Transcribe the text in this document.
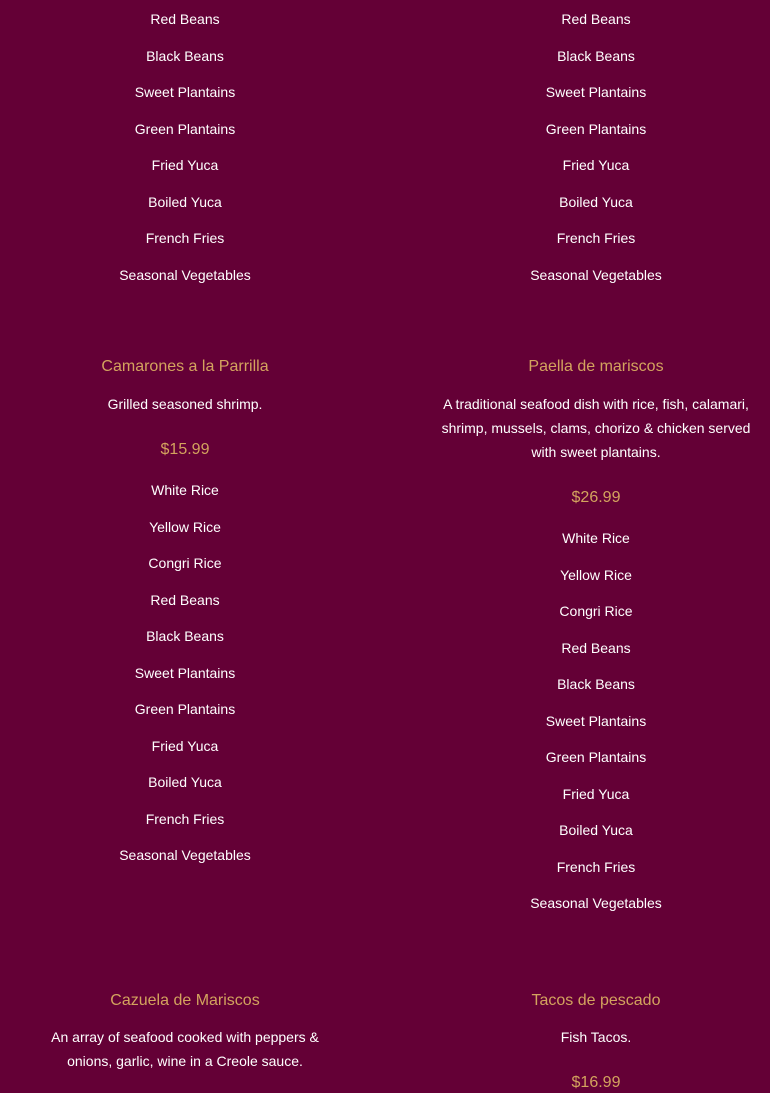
Red Beans
Black Beans
Sweet Plantains
Green Plantains
Fried Yuca
Boiled Yuca
French Fries
Seasonal Vegetables
Camarones a la Parrilla

Grilled seasoned shrimp.

$15.99

White Rice
Yellow Rice
Congri Rice
Red Beans
Black Beans
Sweet Plantains
Green Plantains
Fried Yuca
Boiled Yuca
French Fries
Seasonal Vegetables
Cazuela de Mariscos

An array of seafood cooked with peppers & onions, garlic, wine in a Creole sauce.

Red Beans
Black Beans
Sweet Plantains
Green Plantains
Fried Yuca
Boiled Yuca
French Fries
Seasonal Vegetables
Paella de mariscos

A traditional seafood dish with rice, fish, calamari, shrimp, mussels, clams, chorizo & chicken served with sweet plantains.

$26.99

White Rice
Yellow Rice
Congri Rice
Red Beans
Black Beans
Sweet Plantains
Green Plantains
Fried Yuca
Boiled Yuca
French Fries
Seasonal Vegetables
Tacos de pescado

Fish Tacos.

$16.99
